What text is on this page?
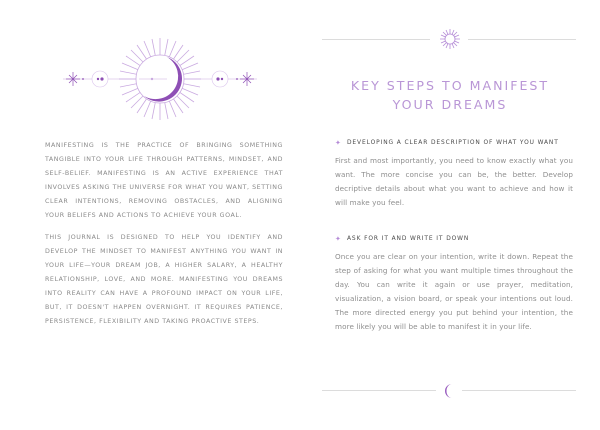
MANIFESTING IS THE PRACTICE OF BRINGING SOMETHING TANGIBLE INTO YOUR LIFE THROUGH PATTERNS, MINDSET, AND SELF-BELIEF. MANIFESTING IS AN ACTIVE EXPERIENCE THAT INVOLVES ASKING THE UNIVERSE FOR WHAT YOU WANT, SETTING CLEAR INTENTIONS, REMOVING OBSTACLES, AND ALIGNING YOUR BELIEFS AND ACTIONS TO ACHIEVE YOUR GOAL.

THIS JOURNAL IS DESIGNED TO HELP YOU IDENTIFY AND DEVELOP THE MINDSET TO MANIFEST ANYTHING YOU WANT IN YOUR LIFE—YOUR DREAM JOB, A HIGHER SALARY, A HEALTHY RELATIONSHIP, LOVE, AND MORE. MANIFESTING YOU DREAMS INTO REALITY CAN HAVE A PROFOUND IMPACT ON YOUR LIFE, BUT, IT DOESN'T HAPPEN OVERNIGHT. IT REQUIRES PATIENCE, PERSISTENCE, FLEXIBILITY AND TAKING PROACTIVE STEPS.

KEY STEPS TO MANIFEST
YOUR DREAMS
✦ DEVELOPING A CLEAR DESCRIPTION OF WHAT YOU WANT
First and most importantly, you need to know exactly what you want. The more concise you can be, the better. Develop decriptive details about what you want to achieve and how it will make you feel.
✦ ASK FOR IT AND WRITE IT DOWN
Once you are clear on your intention, write it down. Repeat the step of asking for what you want multiple times throughout the day. You can write it again or use prayer, meditation, visualization, a vision board, or speak your intentions out loud. The more directed energy you put behind your intention, the more likely you will be able to manifest it in your life.
